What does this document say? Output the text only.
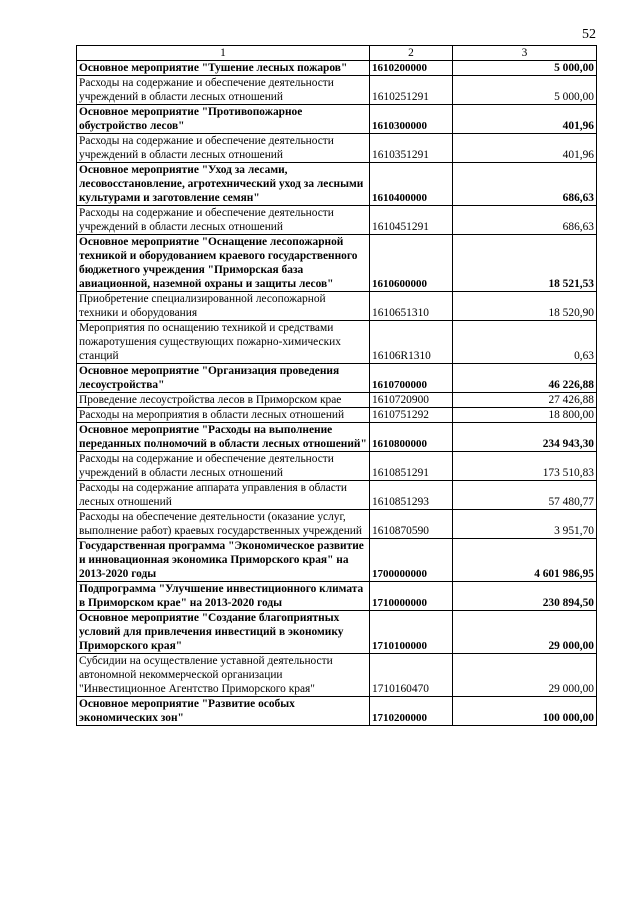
52
1	2	3
Основное мероприятие "Тушение лесных пожаров"	1610200000	5 000,00
Расходы на содержание и обеспечение деятельности учреждений в области лесных отношений	1610251291	5 000,00
Основное мероприятие "Противопожарное обустройство лесов"	1610300000	401,96
Расходы на содержание и обеспечение деятельности учреждений в области лесных отношений	1610351291	401,96
Основное мероприятие "Уход за лесами, лесовосстановление, агротехнический уход за лесными культурами и заготовление семян"	1610400000	686,63
Расходы на содержание и обеспечение деятельности учреждений в области лесных отношений	1610451291	686,63
Основное мероприятие "Оснащение лесопожарной техникой и оборудованием краевого государственного бюджетного учреждения "Приморская база авиационной, наземной охраны и защиты лесов"	1610600000	18 521,53
Приобретение специализированной лесопожарной техники и оборудования	1610651310	18 520,90
Мероприятия по оснащению техникой и средствами пожаротушения существующих пожарно-химических станций	16106R1310	0,63
Основное мероприятие "Организация проведения лесоустройства"	1610700000	46 226,88
Проведение лесоустройства лесов в Приморском крае	1610720900	27 426,88
Расходы на мероприятия в области лесных отношений	1610751292	18 800,00
Основное мероприятие "Расходы на выполнение переданных полномочий в области лесных отношений"	1610800000	234 943,30
Расходы на содержание и обеспечение деятельности учреждений в области лесных отношений	1610851291	173 510,83
Расходы на содержание аппарата управления в области лесных отношений	1610851293	57 480,77
Расходы на обеспечение деятельности (оказание услуг, выполнение работ) краевых государственных учреждений	1610870590	3 951,70
Государственная программа "Экономическое развитие и инновационная экономика Приморского края" на 2013-2020 годы	1700000000	4 601 986,95
Подпрограмма "Улучшение инвестиционного климата в Приморском крае" на 2013-2020 годы	1710000000	230 894,50
Основное мероприятие "Создание благоприятных условий для привлечения инвестиций в экономику Приморского края"	1710100000	29 000,00
Субсидии на осуществление уставной деятельности автономной некоммерческой организации "Инвестиционное Агентство Приморского края"	1710160470	29 000,00
Основное мероприятие "Развитие особых экономических зон"	1710200000	100 000,00
